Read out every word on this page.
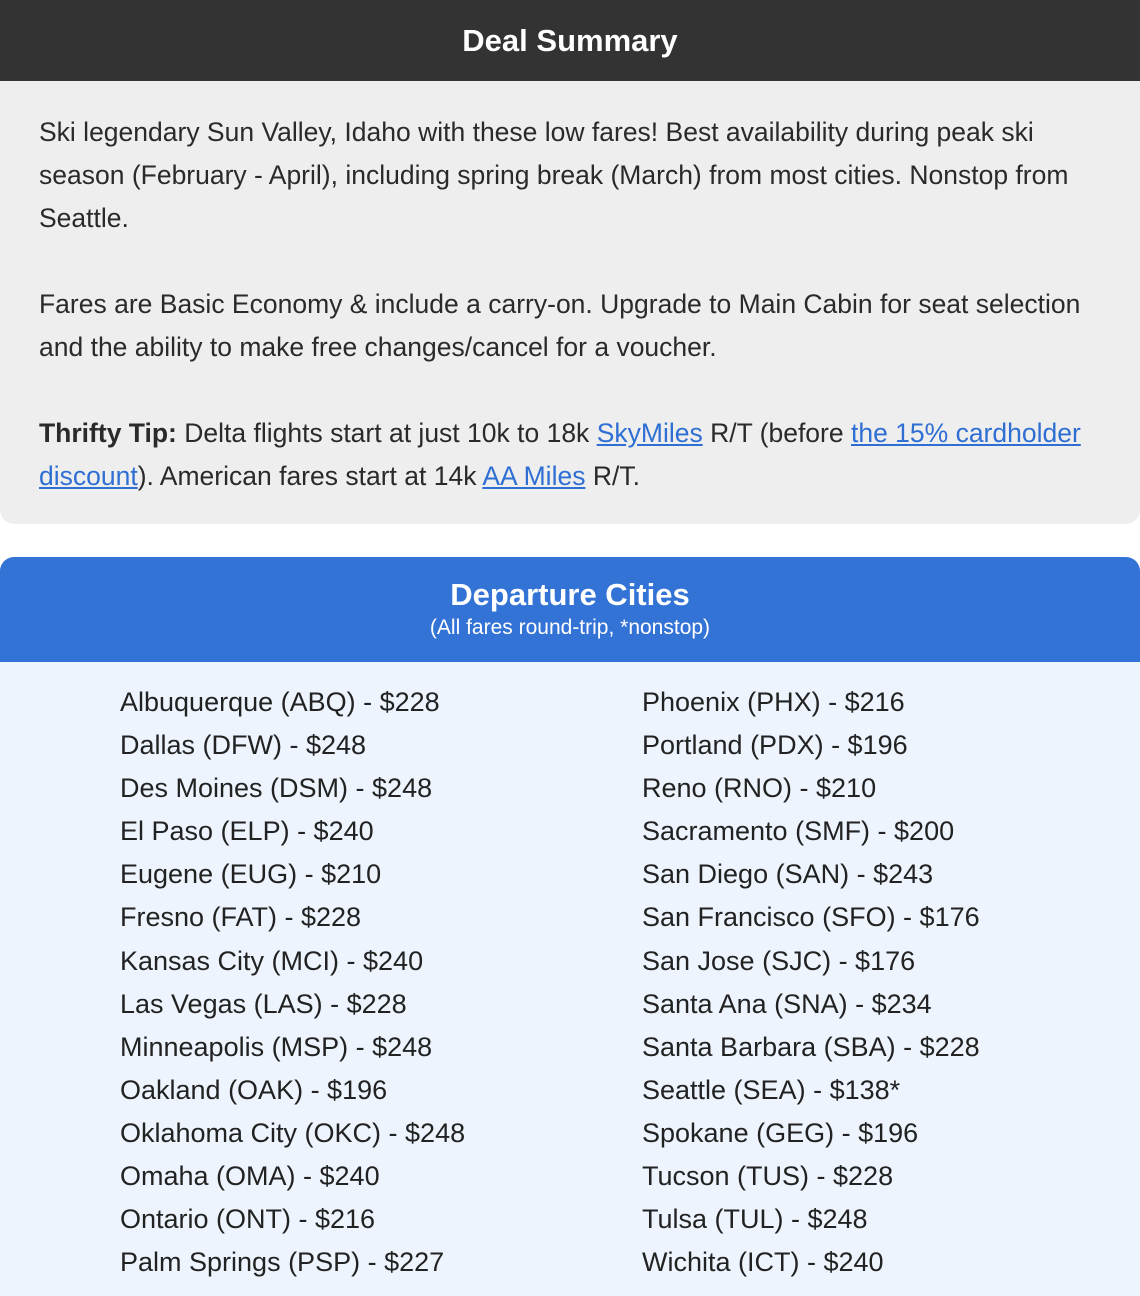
Deal Summary

Ski legendary Sun Valley, Idaho with these low fares! Best availability during peak ski season (February - April), including spring break (March) from most cities. Nonstop from Seattle.

Fares are Basic Economy & include a carry-on. Upgrade to Main Cabin for seat selection and the ability to make free changes/cancel for a voucher.

Thrifty Tip: Delta flights start at just 10k to 18k SkyMiles R/T (before the 15% cardholder discount). American fares start at 14k AA Miles R/T.

Departure Cities
(All fares round-trip, *nonstop)
Albuquerque (ABQ) - $228
Dallas (DFW) - $248
Des Moines (DSM) - $248
El Paso (ELP) - $240
Eugene (EUG) - $210
Fresno (FAT) - $228
Kansas City (MCI) - $240
Las Vegas (LAS) - $228
Minneapolis (MSP) - $248
Oakland (OAK) - $196
Oklahoma City (OKC) - $248
Omaha (OMA) - $240
Ontario (ONT) - $216
Palm Springs (PSP) - $227
Phoenix (PHX) - $216
Portland (PDX) - $196
Reno (RNO) - $210
Sacramento (SMF) - $200
San Diego (SAN) - $243
San Francisco (SFO) - $176
San Jose (SJC) - $176
Santa Ana (SNA) - $234
Santa Barbara (SBA) - $228
Seattle (SEA) - $138*
Spokane (GEG) - $196
Tucson (TUS) - $228
Tulsa (TUL) - $248
Wichita (ICT) - $240
